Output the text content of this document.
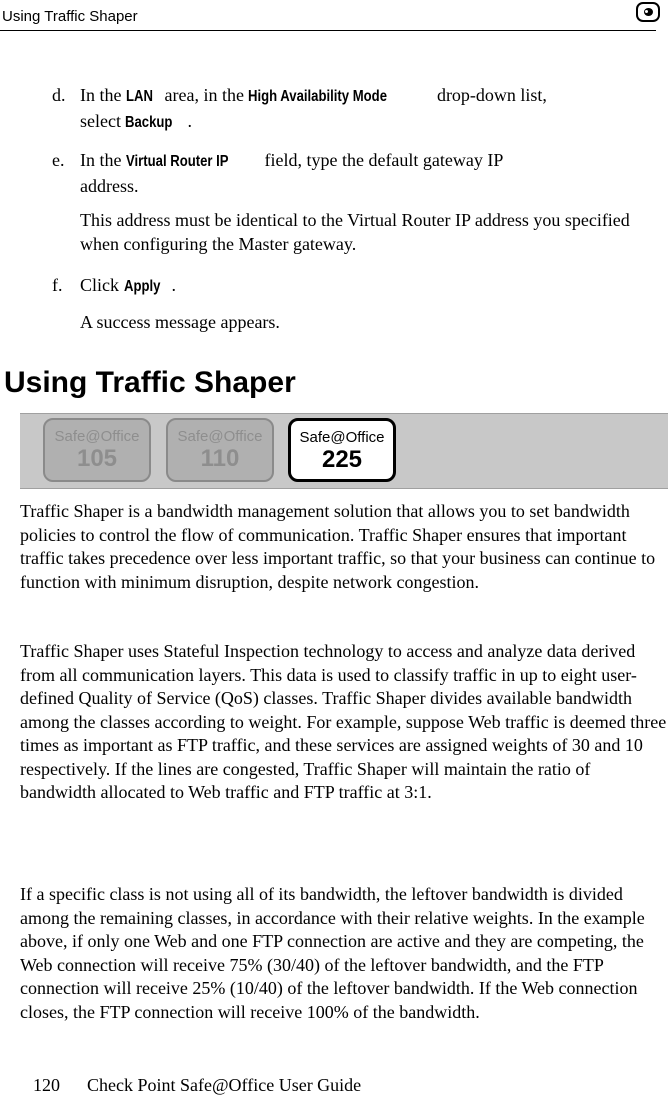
Using Traffic Shaper
d. In the LAN area, in the High Availability Mode	drop-down list,
select Backup .
e. In the Virtual Router IP field, type the default gateway IP
address.
This address must be identical to the Virtual Router IP address you specified when configuring the Master gateway.
f. Click Apply .
A success message appears.
Using Traffic Shaper
Safe@Office
105
Safe@Office
110
Safe@Office
225
Traffic Shaper is a bandwidth management solution that allows you to set bandwidth policies to control the flow of communication. Traffic Shaper ensures that important traffic takes precedence over less important traffic, so that your business can continue to function with minimum disruption, despite network congestion.
Traffic Shaper uses Stateful Inspection technology to access and analyze data derived from all communication layers. This data is used to classify traffic in up to eight user-defined Quality of Service (QoS) classes. Traffic Shaper divides available bandwidth among the classes according to weight. For example, suppose Web traffic is deemed three times as important as FTP traffic, and these services are assigned weights of 30 and 10 respectively. If the lines are congested, Traffic Shaper will maintain the ratio of bandwidth allocated to Web traffic and FTP traffic at 3:1.
If a specific class is not using all of its bandwidth, the leftover bandwidth is divided among the remaining classes, in accordance with their relative weights. In the example above, if only one Web and one FTP connection are active and they are competing, the Web connection will receive 75% (30/40) of the leftover bandwidth, and the FTP connection will receive 25% (10/40) of the leftover bandwidth. If the Web connection closes, the FTP connection will receive 100% of the bandwidth.
120 Check Point Safe@Office User Guide
